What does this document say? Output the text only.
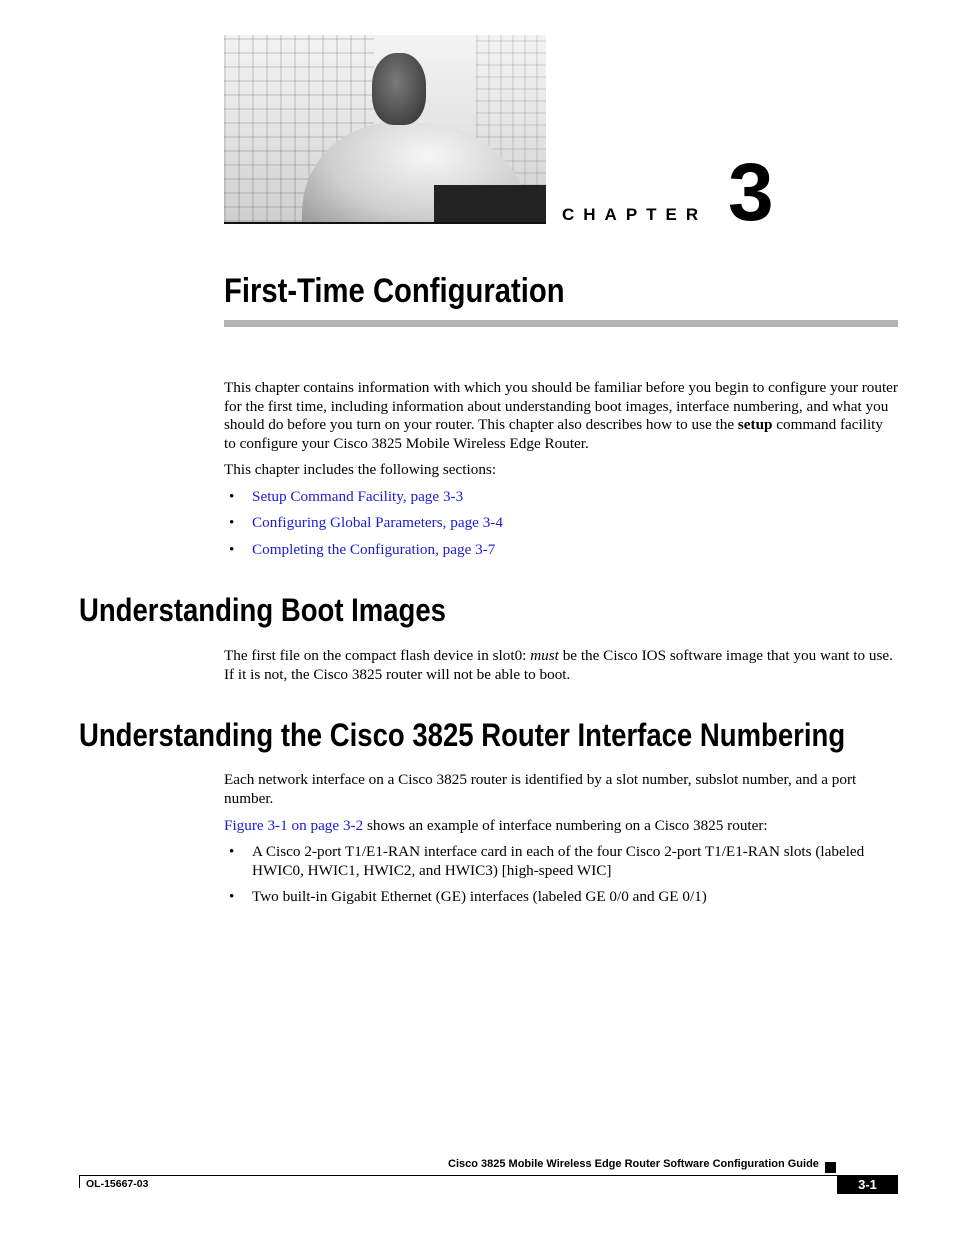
CHAPTER 3
First-Time Configuration
This chapter contains information with which you should be familiar before you begin to configure your router for the first time, including information about understanding boot images, interface numbering, and what you should do before you turn on your router. This chapter also describes how to use the setup command facility to configure your Cisco 3825 Mobile Wireless Edge Router.
This chapter includes the following sections:
• Setup Command Facility, page 3-3
• Configuring Global Parameters, page 3-4
• Completing the Configuration, page 3-7
Understanding Boot Images
The first file on the compact flash device in slot0: must be the Cisco IOS software image that you want to use. If it is not, the Cisco 3825 router will not be able to boot.
Understanding the Cisco 3825 Router Interface Numbering
Each network interface on a Cisco 3825 router is identified by a slot number, subslot number, and a port number.
Figure 3-1 on page 3-2 shows an example of interface numbering on a Cisco 3825 router:
• A Cisco 2-port T1/E1-RAN interface card in each of the four Cisco 2-port T1/E1-RAN slots (labeled HWIC0, HWIC1, HWIC2, and HWIC3) [high-speed WIC]
• Two built-in Gigabit Ethernet (GE) interfaces (labeled GE 0/0 and GE 0/1)
Cisco 3825 Mobile Wireless Edge Router Software Configuration Guide
OL-15667-03	3-1
